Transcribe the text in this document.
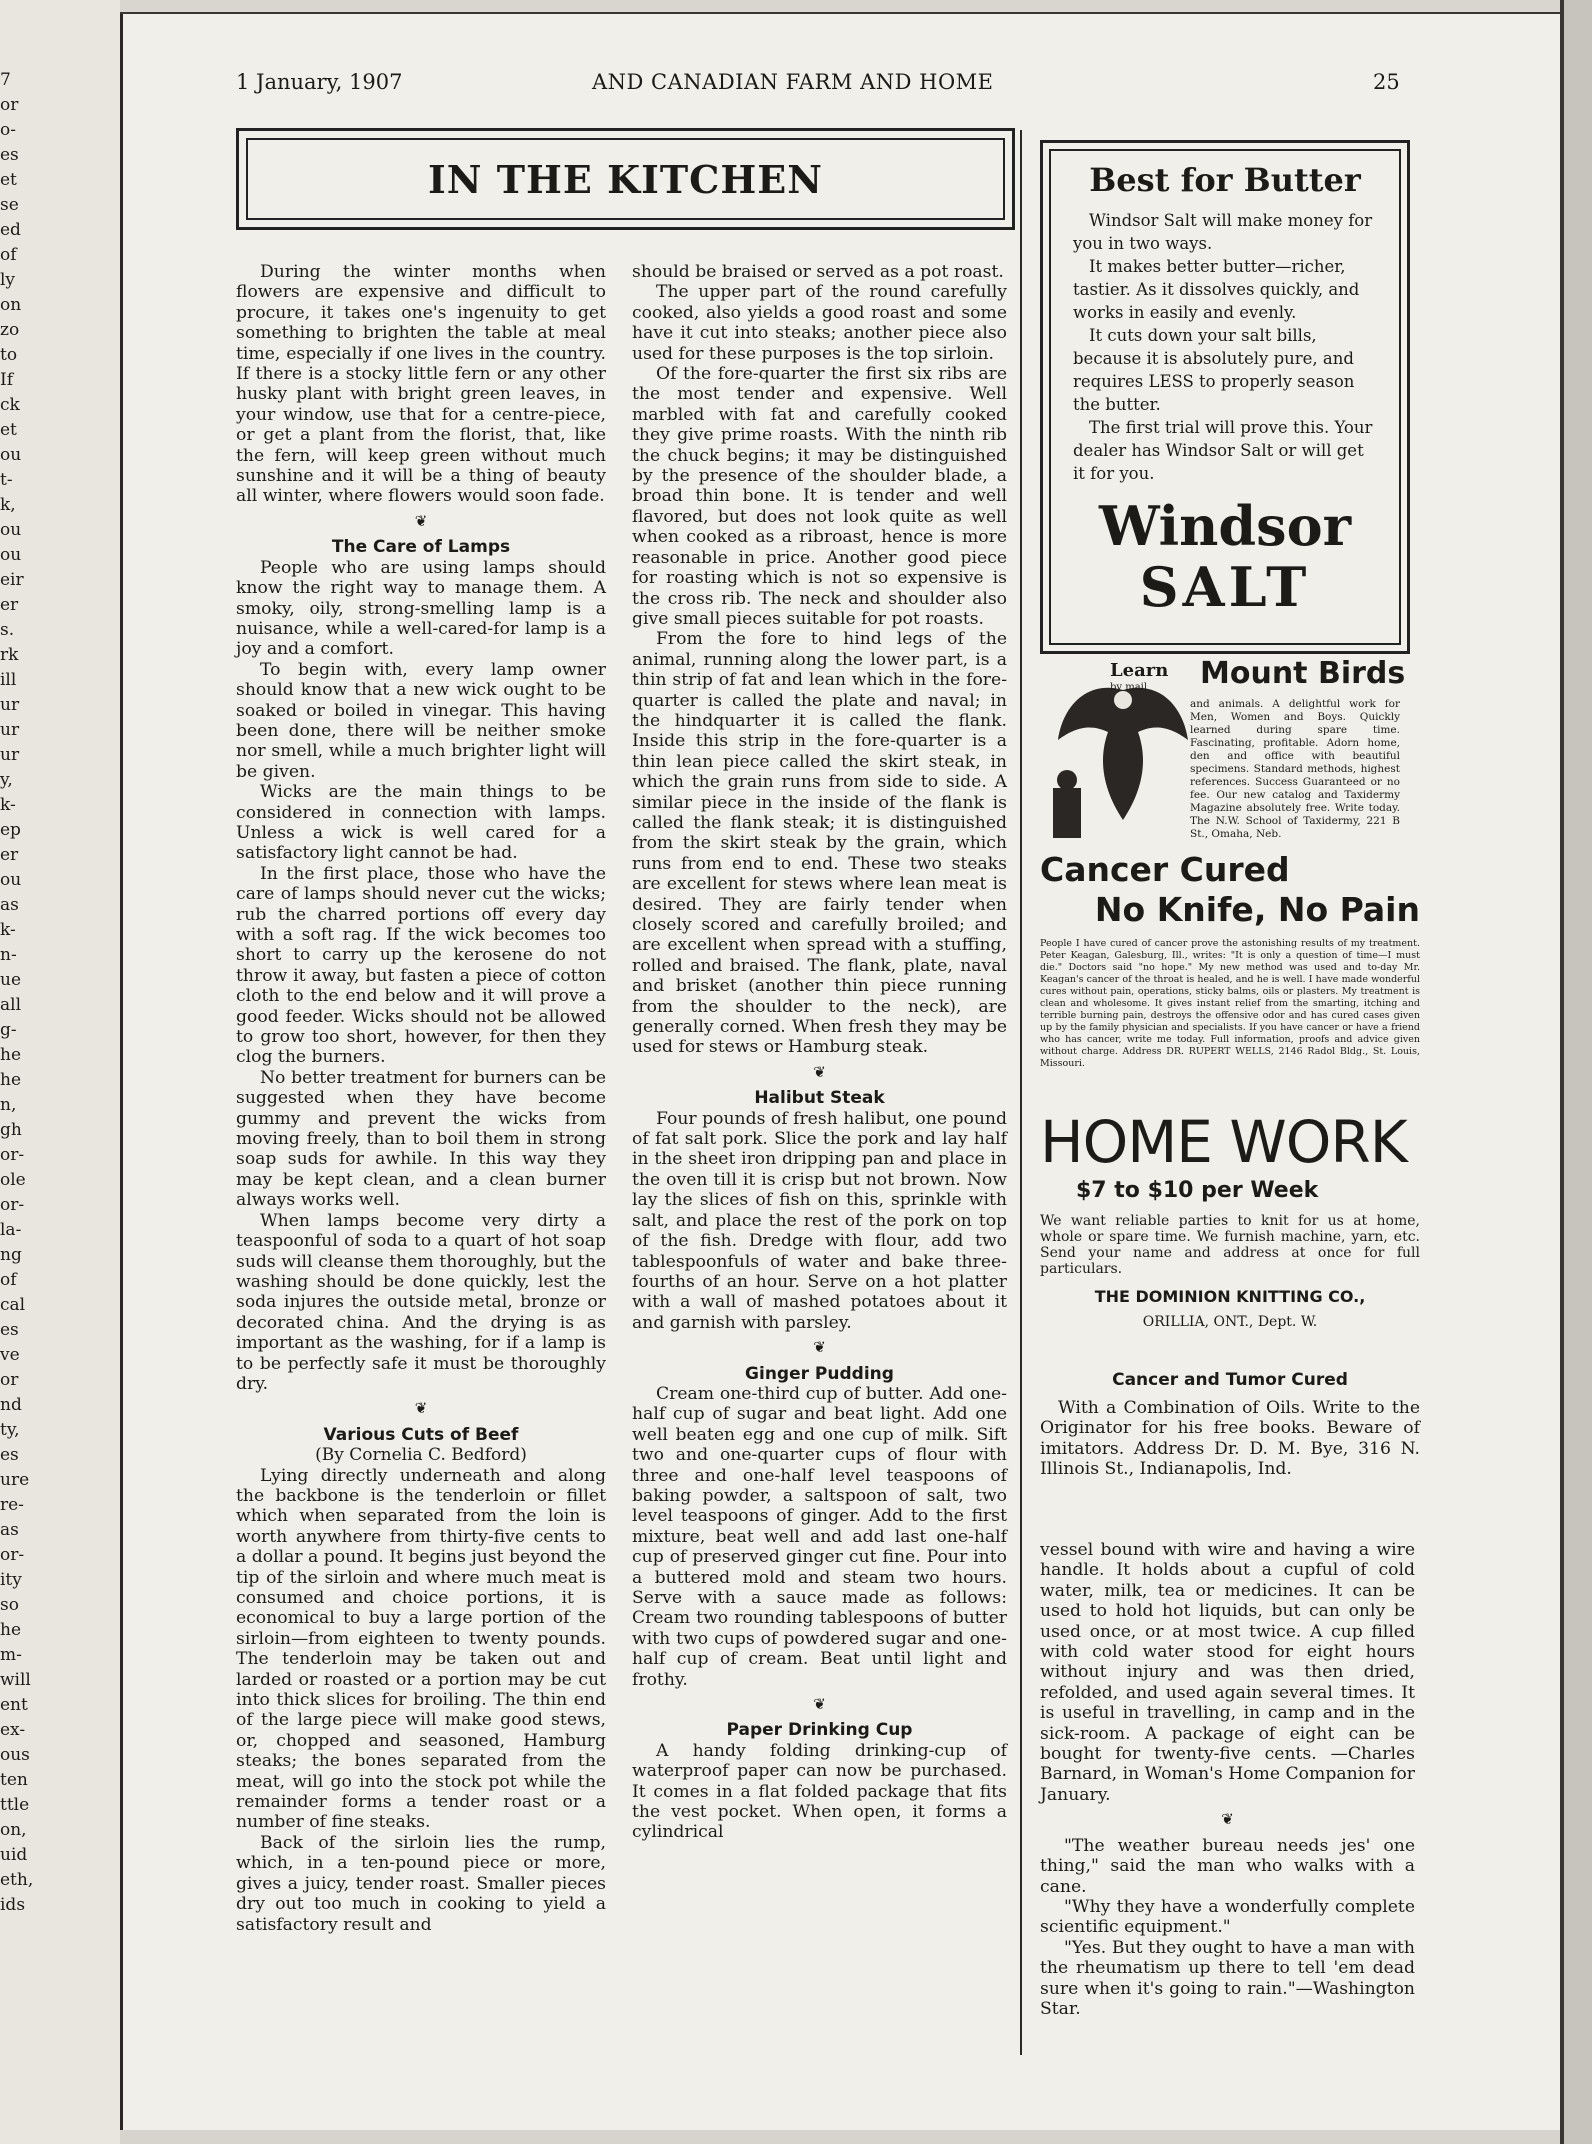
7
or
o-
es
et
se
ed
of
ly
on
zo
to
If
ck
et
ou
t-
k,
ou
ou
eir
er
s.
rk
ill
ur
ur
ur
y,
k-
ep
er
ou
as
k-
n-
ue
all
g-
he
he
n,
gh
or-
ole
or-
la-
ng
of
cal
es
ve
or
nd
ty,
es
ure
re-
as
or-
ity
so
he
m-
will
ent
ex-
ous
ten
ttle
on,
uid
eth,
ids
1 January, 1907	AND CANADIAN FARM AND HOME	25
IN THE KITCHEN

During the winter months when flowers are expensive and difficult to procure, it takes one's ingenuity to get something to brighten the table at meal time, especially if one lives in the country. If there is a stocky little fern or any other husky plant with bright green leaves, in your window, use that for a centre-piece, or get a plant from the florist, that, like the fern, will keep green without much sunshine and it will be a thing of beauty all winter, where flowers would soon fade.

❦
The Care of Lamps

People who are using lamps should know the right way to manage them. A smoky, oily, strong-smelling lamp is a nuisance, while a well-cared-for lamp is a joy and a comfort.

To begin with, every lamp owner should know that a new wick ought to be soaked or boiled in vinegar. This having been done, there will be neither smoke nor smell, while a much brighter light will be given.

Wicks are the main things to be considered in connection with lamps. Unless a wick is well cared for a satisfactory light cannot be had.

In the first place, those who have the care of lamps should never cut the wicks; rub the charred portions off every day with a soft rag. If the wick becomes too short to carry up the kerosene do not throw it away, but fasten a piece of cotton cloth to the end below and it will prove a good feeder. Wicks should not be allowed to grow too short, however, for then they clog the burners.

No better treatment for burners can be suggested when they have become gummy and prevent the wicks from moving freely, than to boil them in strong soap suds for awhile. In this way they may be kept clean, and a clean burner always works well.

When lamps become very dirty a teaspoonful of soda to a quart of hot soap suds will cleanse them thoroughly, but the washing should be done quickly, lest the soda injures the outside metal, bronze or decorated china. And the drying is as important as the washing, for if a lamp is to be perfectly safe it must be thoroughly dry.

❦
Various Cuts of Beef
(By Cornelia C. Bedford)

Lying directly underneath and along the backbone is the tenderloin or fillet which when separated from the loin is worth anywhere from thirty-five cents to a dollar a pound. It begins just beyond the tip of the sirloin and where much meat is consumed and choice portions, it is economical to buy a large portion of the sirloin—from eighteen to twenty pounds. The tenderloin may be taken out and larded or roasted or a portion may be cut into thick slices for broiling. The thin end of the large piece will make good stews, or, chopped and seasoned, Hamburg steaks; the bones separated from the meat, will go into the stock pot while the remainder forms a tender roast or a number of fine steaks.

Back of the sirloin lies the rump, which, in a ten-pound piece or more, gives a juicy, tender roast. Smaller pieces dry out too much in cooking to yield a satisfactory result and

should be braised or served as a pot roast.

The upper part of the round carefully cooked, also yields a good roast and some have it cut into steaks; another piece also used for these purposes is the top sirloin.

Of the fore-quarter the first six ribs are the most tender and expensive. Well marbled with fat and carefully cooked they give prime roasts. With the ninth rib the chuck begins; it may be distinguished by the presence of the shoulder blade, a broad thin bone. It is tender and well flavored, but does not look quite as well when cooked as a ribroast, hence is more reasonable in price. Another good piece for roasting which is not so expensive is the cross rib. The neck and shoulder also give small pieces suitable for pot roasts.

From the fore to hind legs of the animal, running along the lower part, is a thin strip of fat and lean which in the fore-quarter is called the plate and naval; in the hindquarter it is called the flank. Inside this strip in the fore-quarter is a thin lean piece called the skirt steak, in which the grain runs from side to side. A similar piece in the inside of the flank is called the flank steak; it is distinguished from the skirt steak by the grain, which runs from end to end. These two steaks are excellent for stews where lean meat is desired. They are fairly tender when closely scored and carefully broiled; and are excellent when spread with a stuffing, rolled and braised. The flank, plate, naval and brisket (another thin piece running from the shoulder to the neck), are generally corned. When fresh they may be used for stews or Hamburg steak.

❦
Halibut Steak

Four pounds of fresh halibut, one pound of fat salt pork. Slice the pork and lay half in the sheet iron dripping pan and place in the oven till it is crisp but not brown. Now lay the slices of fish on this, sprinkle with salt, and place the rest of the pork on top of the fish. Dredge with flour, add two tablespoonfuls of water and bake three-fourths of an hour. Serve on a hot platter with a wall of mashed potatoes about it and garnish with parsley.

❦
Ginger Pudding

Cream one-third cup of butter. Add one-half cup of sugar and beat light. Add one well beaten egg and one cup of milk. Sift two and one-quarter cups of flour with three and one-half level teaspoons of baking powder, a saltspoon of salt, two level teaspoons of ginger. Add to the first mixture, beat well and add last one-half cup of preserved ginger cut fine. Pour into a buttered mold and steam two hours. Serve with a sauce made as follows: Cream two rounding tablespoons of butter with two cups of powdered sugar and one-half cup of cream. Beat until light and frothy.

❦
Paper Drinking Cup

A handy folding drinking-cup of waterproof paper can now be purchased. It comes in a flat folded package that fits the vest pocket. When open, it forms a cylindrical

Best for Butter

Windsor Salt will make money for you in two ways.

It makes better butter—richer, tastier. As it dissolves quickly, and works in easily and evenly.

It cuts down your salt bills, because it is absolutely pure, and requires LESS to properly season the butter.

The first trial will prove this. Your dealer has Windsor Salt or will get it for you.

Windsor
SALT
Learn
by mail Mount Birds
and animals. A delightful work for Men, Women and Boys. Quickly learned during spare time. Fascinating, profitable. Adorn home, den and office with beautiful specimens. Standard methods, highest references. Success Guaranteed or no fee. Our new catalog and Taxidermy Magazine absolutely free. Write today. The N.W. School of Taxidermy, 221 B St., Omaha, Neb.
Cancer Cured
No Knife, No Pain
People I have cured of cancer prove the astonishing results of my treatment. Peter Keagan, Galesburg, Ill., writes: "It is only a question of time—I must die." Doctors said "no hope." My new method was used and to-day Mr. Keagan's cancer of the throat is healed, and he is well. I have made wonderful cures without pain, operations, sticky balms, oils or plasters. My treatment is clean and wholesome. It gives instant relief from the smarting, itching and terrible burning pain, destroys the offensive odor and has cured cases given up by the family physician and specialists. If you have cancer or have a friend who has cancer, write me today. Full information, proofs and advice given without charge. Address DR. RUPERT WELLS, 2146 Radol Bldg., St. Louis, Missouri.
HOME WORK
$7 to $10 per Week
We want reliable parties to knit for us at home, whole or spare time. We furnish machine, yarn, etc. Send your name and address at once for full particulars.
THE DOMINION KNITTING CO.,
ORILLIA, ONT., Dept. W.
Cancer and Tumor Cured
With a Combination of Oils. Write to the Originator for his free books. Beware of imitators. Address Dr. D. M. Bye, 316 N. Illinois St., Indianapolis, Ind.

vessel bound with wire and having a wire handle. It holds about a cupful of cold water, milk, tea or medicines. It can be used to hold hot liquids, but can only be used once, or at most twice. A cup filled with cold water stood for eight hours without injury and was then dried, refolded, and used again several times. It is useful in travelling, in camp and in the sick-room. A package of eight can be bought for twenty-five cents. —Charles Barnard, in Woman's Home Companion for January.

❦

"The weather bureau needs jes' one thing," said the man who walks with a cane.

"Why they have a wonderfully complete scientific equipment."

"Yes. But they ought to have a man with the rheumatism up there to tell 'em dead sure when it's going to rain."—Washington Star.
